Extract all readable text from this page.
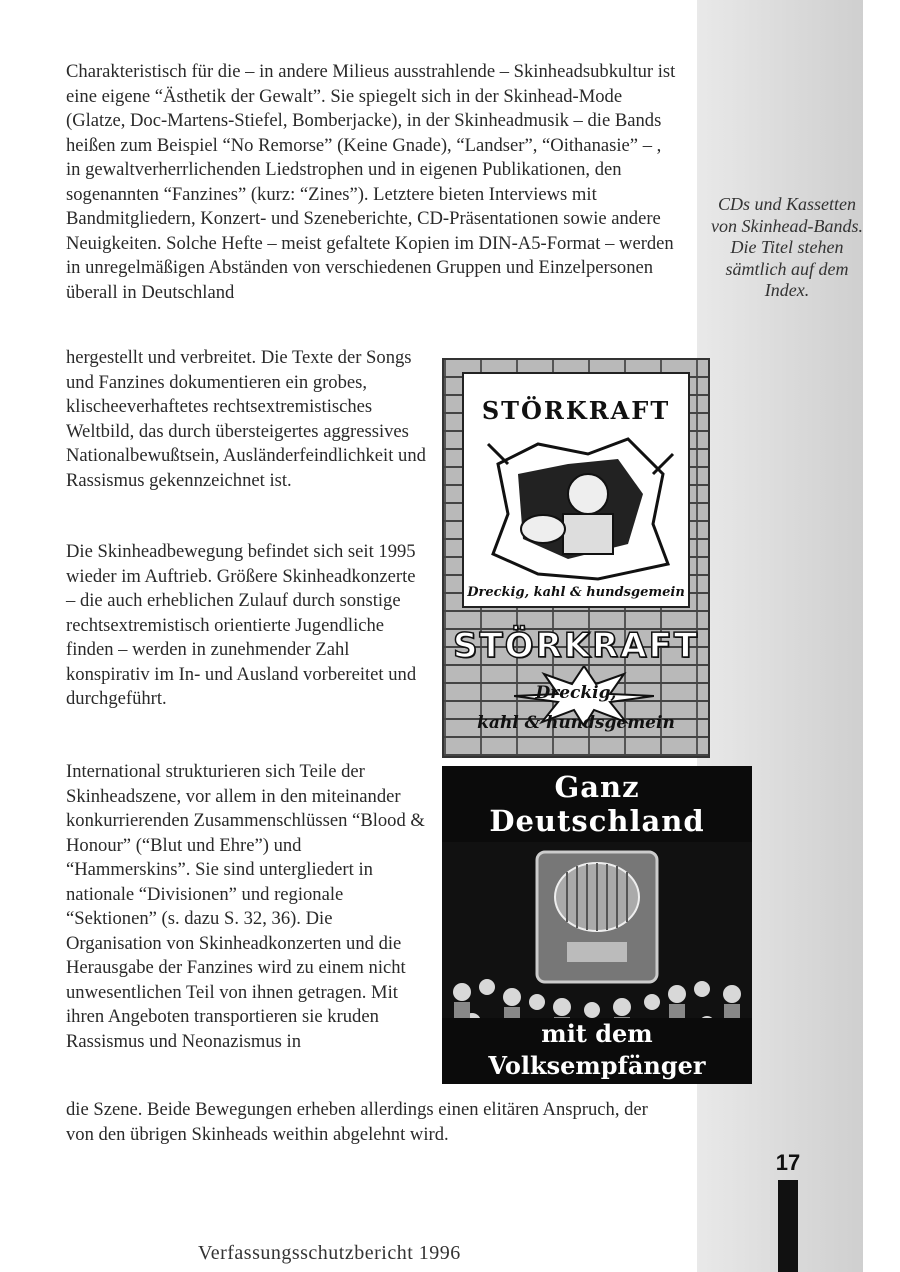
Charakteristisch für die – in andere Milieus ausstrahlende – Skinheadsubkultur ist eine eigene “Ästhetik der Gewalt”. Sie spiegelt sich in der Skinhead-Mode (Glatze, Doc-Martens-Stiefel, Bomberjacke), in der Skinheadmusik – die Bands heißen zum Beispiel “No Remorse” (Keine Gnade), “Landser”, “Oithanasie” – , in gewaltverherrlichenden Liedstrophen und in eigenen Publikationen, den sogenannten “Fanzines” (kurz: “Zines”). Letztere bieten Interviews mit Bandmitgliedern, Konzert- und Szeneberichte, CD-Präsentationen sowie andere Neuigkeiten. Solche Hefte – meist gefaltete Kopien im DIN-A5-Format – werden in unregelmäßigen Abständen von verschiedenen Gruppen und Einzelpersonen überall in Deutschland

hergestellt und verbreitet. Die Texte der Songs und Fanzines dokumentieren ein grobes, klischeeverhaftetes rechtsextremistisches Weltbild, das durch übersteigertes aggressives Nationalbewußtsein, Ausländerfeindlichkeit und Rassismus gekennzeichnet ist.

Die Skinheadbewegung befindet sich seit 1995 wieder im Auftrieb. Größere Skinheadkonzerte – die auch erheblichen Zulauf durch sonstige rechtsextremistisch orientierte Jugendliche finden – werden in zunehmender Zahl konspirativ im In- und Ausland vorbereitet und durchgeführt.

International strukturieren sich Teile der Skinheadszene, vor allem in den miteinander konkurrierenden Zusammenschlüssen “Blood & Honour” (“Blut und Ehre”) und “Hammerskins”. Sie sind untergliedert in nationale “Divisionen” und regionale “Sektionen” (s. dazu S. 32, 36). Die Organisation von Skinheadkonzerten und die Herausgabe der Fanzines wird zu einem nicht unwesentlichen Teil von ihnen getragen. Mit ihren Angeboten transportieren sie kruden Rassismus und Neonazismus in

die Szene. Beide Bewegungen erheben allerdings einen elitären Anspruch, der von den übrigen Skinheads weithin abgelehnt wird.

CDs und Kassetten von Skinhead-Bands. Die Titel stehen sämtlich auf dem Index.
STÖRKRAFT
Dreckig, kahl & hundsgemein
STÖRKRAFT
Dreckig,
kahl & hundsgemein
Ganz Deutschland

mit dem Volksempfänger
17
Verfassungsschutzbericht 1996
